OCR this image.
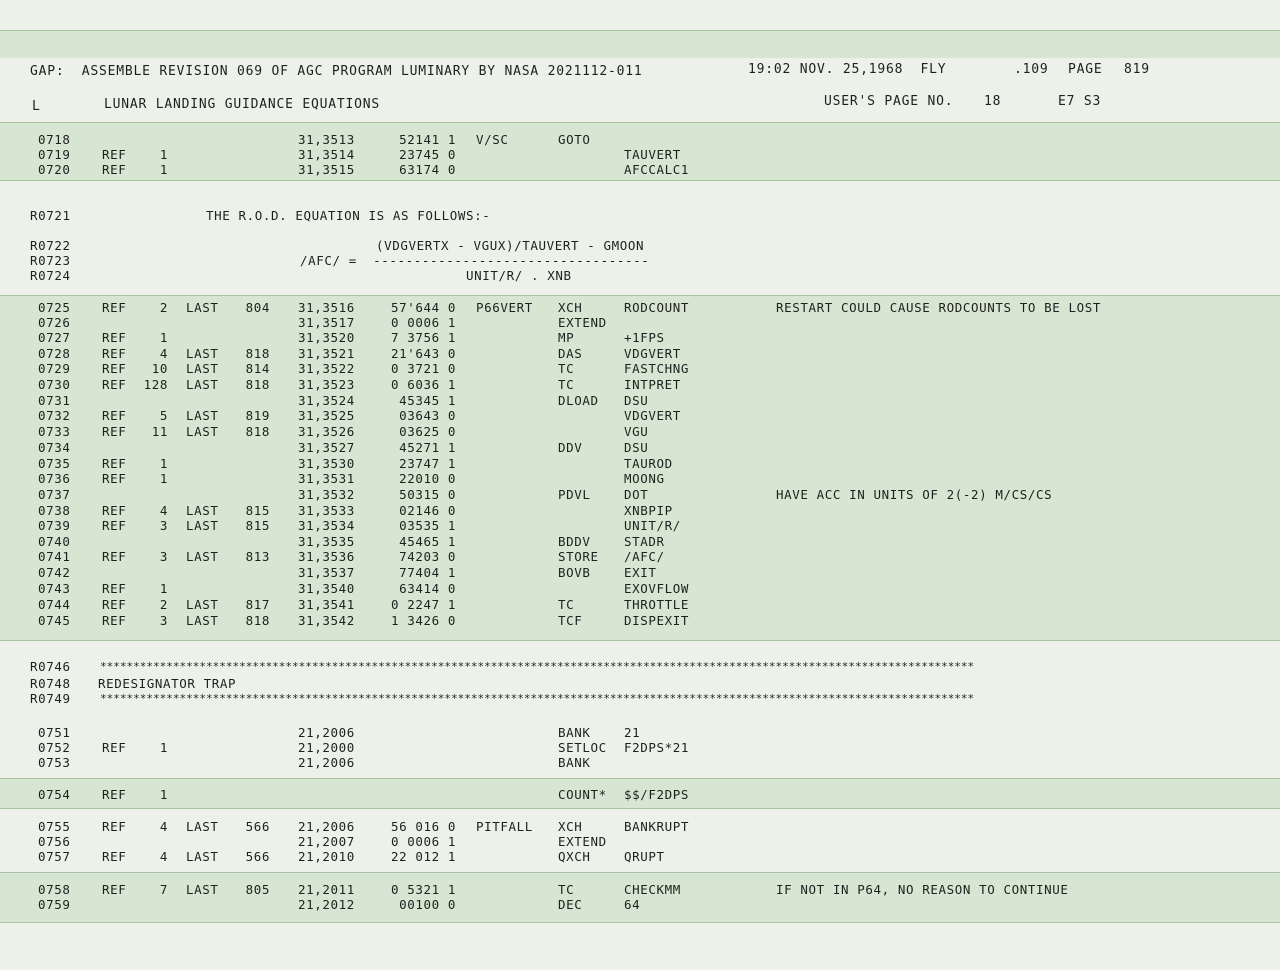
GAP:  ASSEMBLE REVISION 069 OF AGC PROGRAM LUMINARY BY NASA 2021112-011	19:02 NOV. 25,1968  FLY	.109 PAGE 819
L	LUNAR LANDING GUIDANCE EQUATIONS	USER'S PAGE NO. 18	E7 S3
0718	31,3513	52141 1 V/SC	GOTO
0719	REF	1	31,3514	23745 0	TAUVERT
0720	REF	1	31,3515	63174 0	AFCCALC1
R0721	THE R.O.D. EQUATION IS AS FOLLOWS:-
R0722	(VDGVERTX - VGUX)/TAUVERT - GMOON
R0723	/AFC/ =  ----------------------------------
R0724	UNIT/R/ . XNB
0725	REF	2 LAST	804 31,3516	57'644 0 P66VERT XCH	RODCOUNT	RESTART COULD CAUSE RODCOUNTS TO BE LOST
0726	31,3517	0 0006 1	EXTEND
0727	REF	1	31,3520	7 3756 1	MP	+1FPS
0728	REF	4 LAST	818 31,3521	21'643 0	DAS	VDGVERT
0729	REF	10 LAST	814 31,3522	0 3721 0	TC	FASTCHNG
0730	REF	128 LAST	818 31,3523	0 6036 1	TC	INTPRET
0731	31,3524	45345 1	DLOAD DSU
0732	REF	5 LAST	819 31,3525	03643 0	VDGVERT
0733	REF	11 LAST	818 31,3526	03625 0	VGU
0734	31,3527	45271 1	DDV	DSU
0735	REF	1	31,3530	23747 1	TAUROD
0736	REF	1	31,3531	22010 0	MOONG
0737	31,3532	50315 0	PDVL	DOT	HAVE ACC IN UNITS OF 2(-2) M/CS/CS
0738	REF	4 LAST	815 31,3533	02146 0	XNBPIP
0739	REF	3 LAST	815 31,3534	03535 1	UNIT/R/
0740	31,3535	45465 1	BDDV	STADR
0741	REF	3 LAST	813 31,3536	74203 0	STORE /AFC/
0742	31,3537	77404 1	BOVB	EXIT
0743	REF	1	31,3540	63414 0	EXOVFLOW
0744	REF	2 LAST	817 31,3541	0 2247 1	TC	THROTTLE
0745	REF	3 LAST	818 31,3542	1 3426 0	TCF	DISPEXIT
R0746	************************************************************************************************************************************
R0748 REDESIGNATOR TRAP
R0749	************************************************************************************************************************************
0751	21,2006	BANK	21
0752	REF	1	21,2000	SETLOC F2DPS*21
0753	21,2006	BANK
0754	REF	1	COUNT* $$/F2DPS
0755	REF	4 LAST	566 21,2006	56 016 0 PITFALL XCH	BANKRUPT
0756	21,2007	0 0006 1	EXTEND
0757	REF	4 LAST	566 21,2010	22 012 1	QXCH	QRUPT
0758	REF	7 LAST	805 21,2011	0 5321 1	TC	CHECKMM	IF NOT IN P64, NO REASON TO CONTINUE
0759	21,2012	00100 0	DEC	64
